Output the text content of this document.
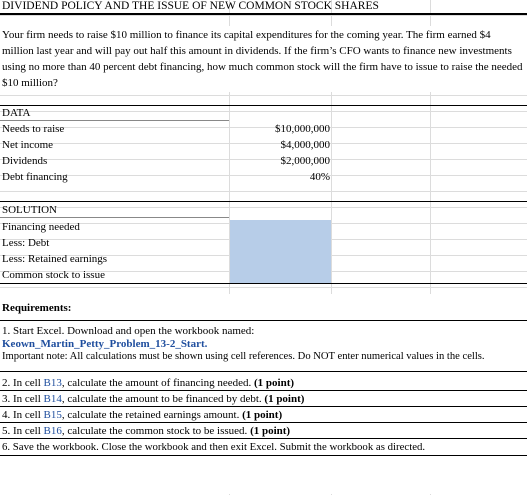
DIVIDEND POLICY AND THE ISSUE OF NEW COMMON STOCK SHARES
Your firm needs to raise $10 million to finance its capital expenditures for the coming year. The firm earned $4 million last year and will pay out half this amount in dividends. If the firm’s CFO wants to finance new investments using no more than 40 percent debt financing, how much common stock will the firm have to issue to raise the needed $10 million?
DATA
Needs to raise	$10,000,000
Net income	$4,000,000
Dividends	$2,000,000
Debt financing	40%
SOLUTION
Financing needed
Less: Debt
Less: Retained earnings
Common stock to issue
Requirements:
1. Start Excel. Download and open the workbook named:
Keown_Martin_Petty_Problem_13-2_Start.
Important note: All calculations must be shown using cell references. Do NOT enter numerical values in the cells.
2. In cell B13, calculate the amount of financing needed. (1 point)
3. In cell B14, calculate the amount to be financed by debt. (1 point)
4. In cell B15, calculate the retained earnings amount. (1 point)
5. In cell B16, calculate the common stock to be issued. (1 point)
6. Save the workbook. Close the workbook and then exit Excel. Submit the workbook as directed.
